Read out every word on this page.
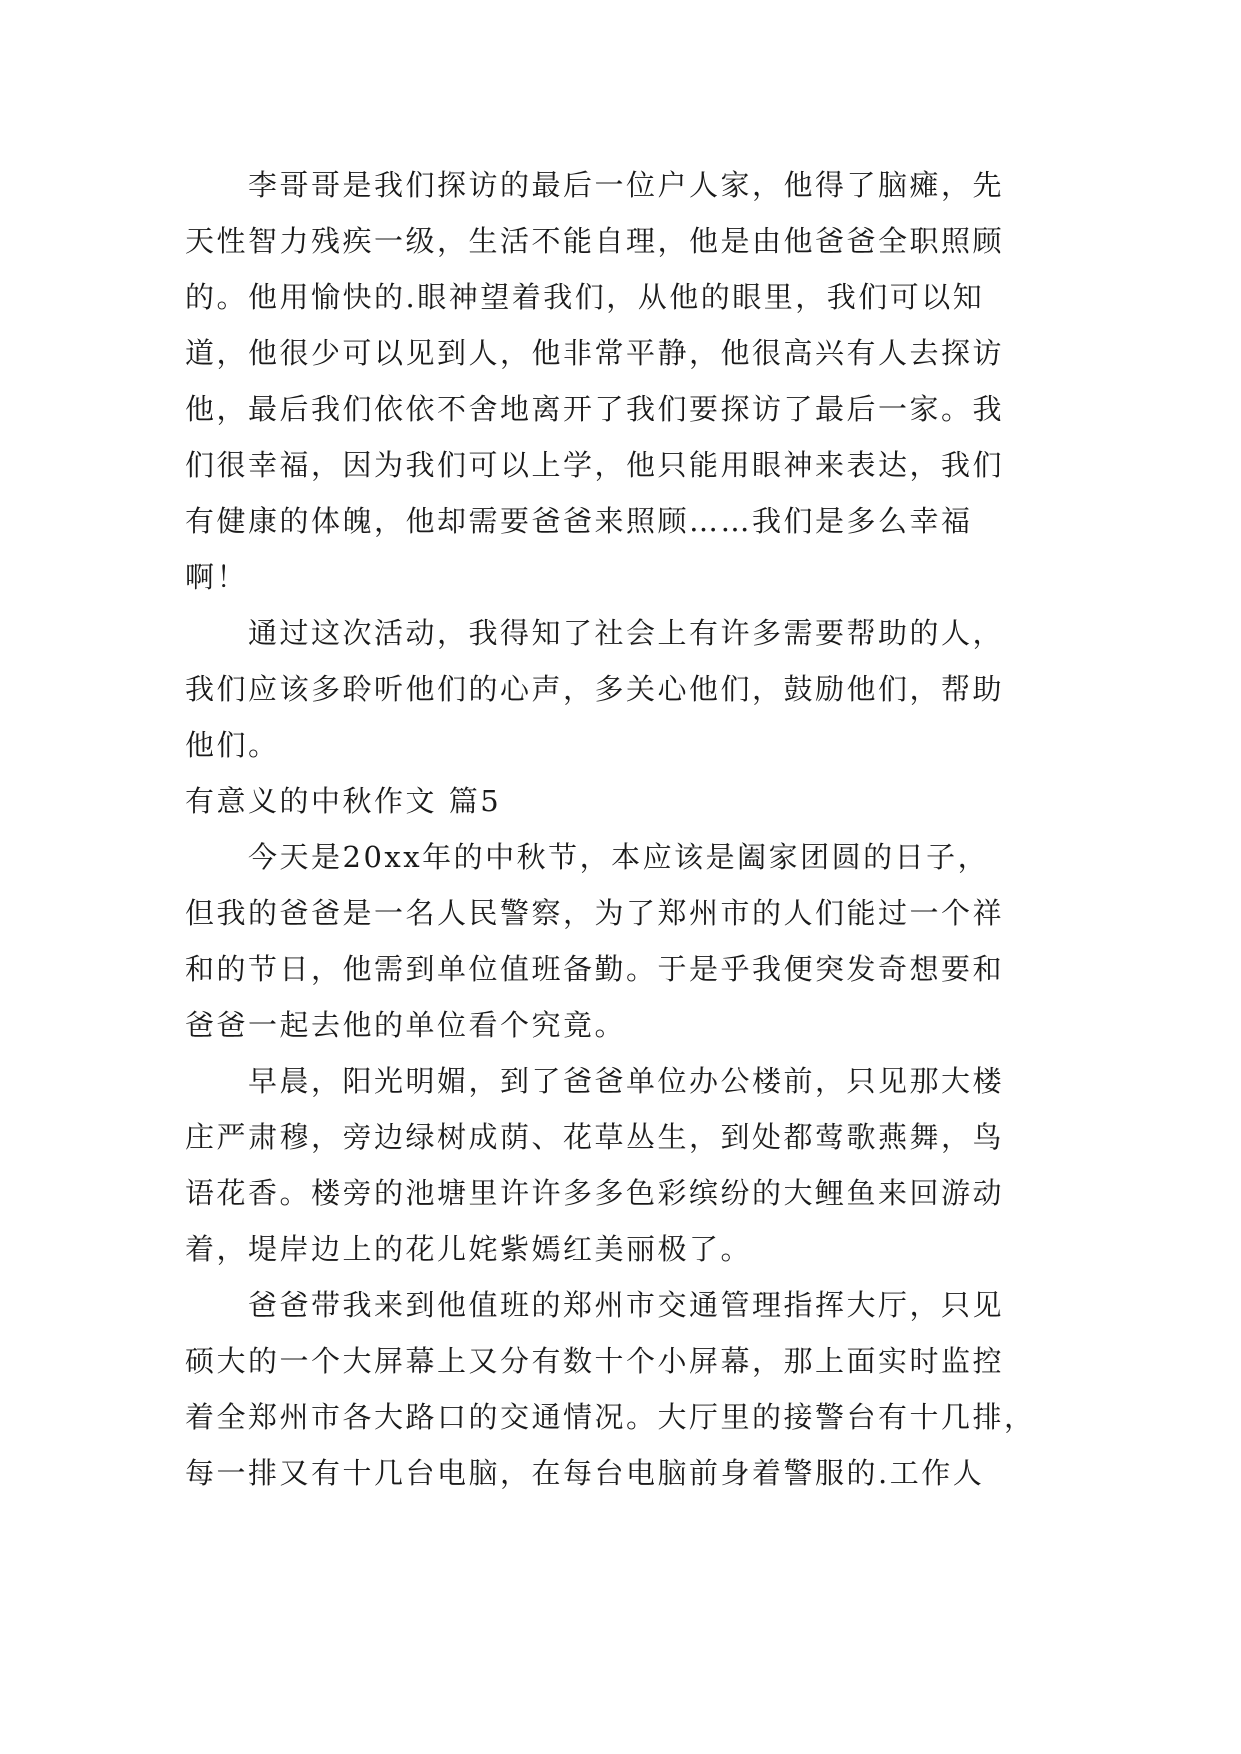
　　李哥哥是我们探访的最后一位户人家，他得了脑瘫，先
天性智力残疾一级，生活不能自理，他是由他爸爸全职照顾
的。他用愉快的.眼神望着我们，从他的眼里，我们可以知
道，他很少可以见到人，他非常平静，他很高兴有人去探访
他，最后我们依依不舍地离开了我们要探访了最后一家。我
们很幸福，因为我们可以上学，他只能用眼神来表达，我们
有健康的体魄，他却需要爸爸来照顾……我们是多么幸福
啊！
　　通过这次活动，我得知了社会上有许多需要帮助的人，
我们应该多聆听他们的心声，多关心他们，鼓励他们，帮助
他们。
有意义的中秋作文 篇5
　　今天是20xx年的中秋节，本应该是阖家团圆的日子，
但我的爸爸是一名人民警察，为了郑州市的人们能过一个祥
和的节日，他需到单位值班备勤。于是乎我便突发奇想要和
爸爸一起去他的单位看个究竟。
　　早晨，阳光明媚，到了爸爸单位办公楼前，只见那大楼
庄严肃穆，旁边绿树成荫、花草丛生，到处都莺歌燕舞，鸟
语花香。楼旁的池塘里许许多多色彩缤纷的大鲤鱼来回游动
着，堤岸边上的花儿姹紫嫣红美丽极了。
　　爸爸带我来到他值班的郑州市交通管理指挥大厅，只见
硕大的一个大屏幕上又分有数十个小屏幕，那上面实时监控
着全郑州市各大路口的交通情况。大厅里的接警台有十几排，
每一排又有十几台电脑，在每台电脑前身着警服的.工作人
